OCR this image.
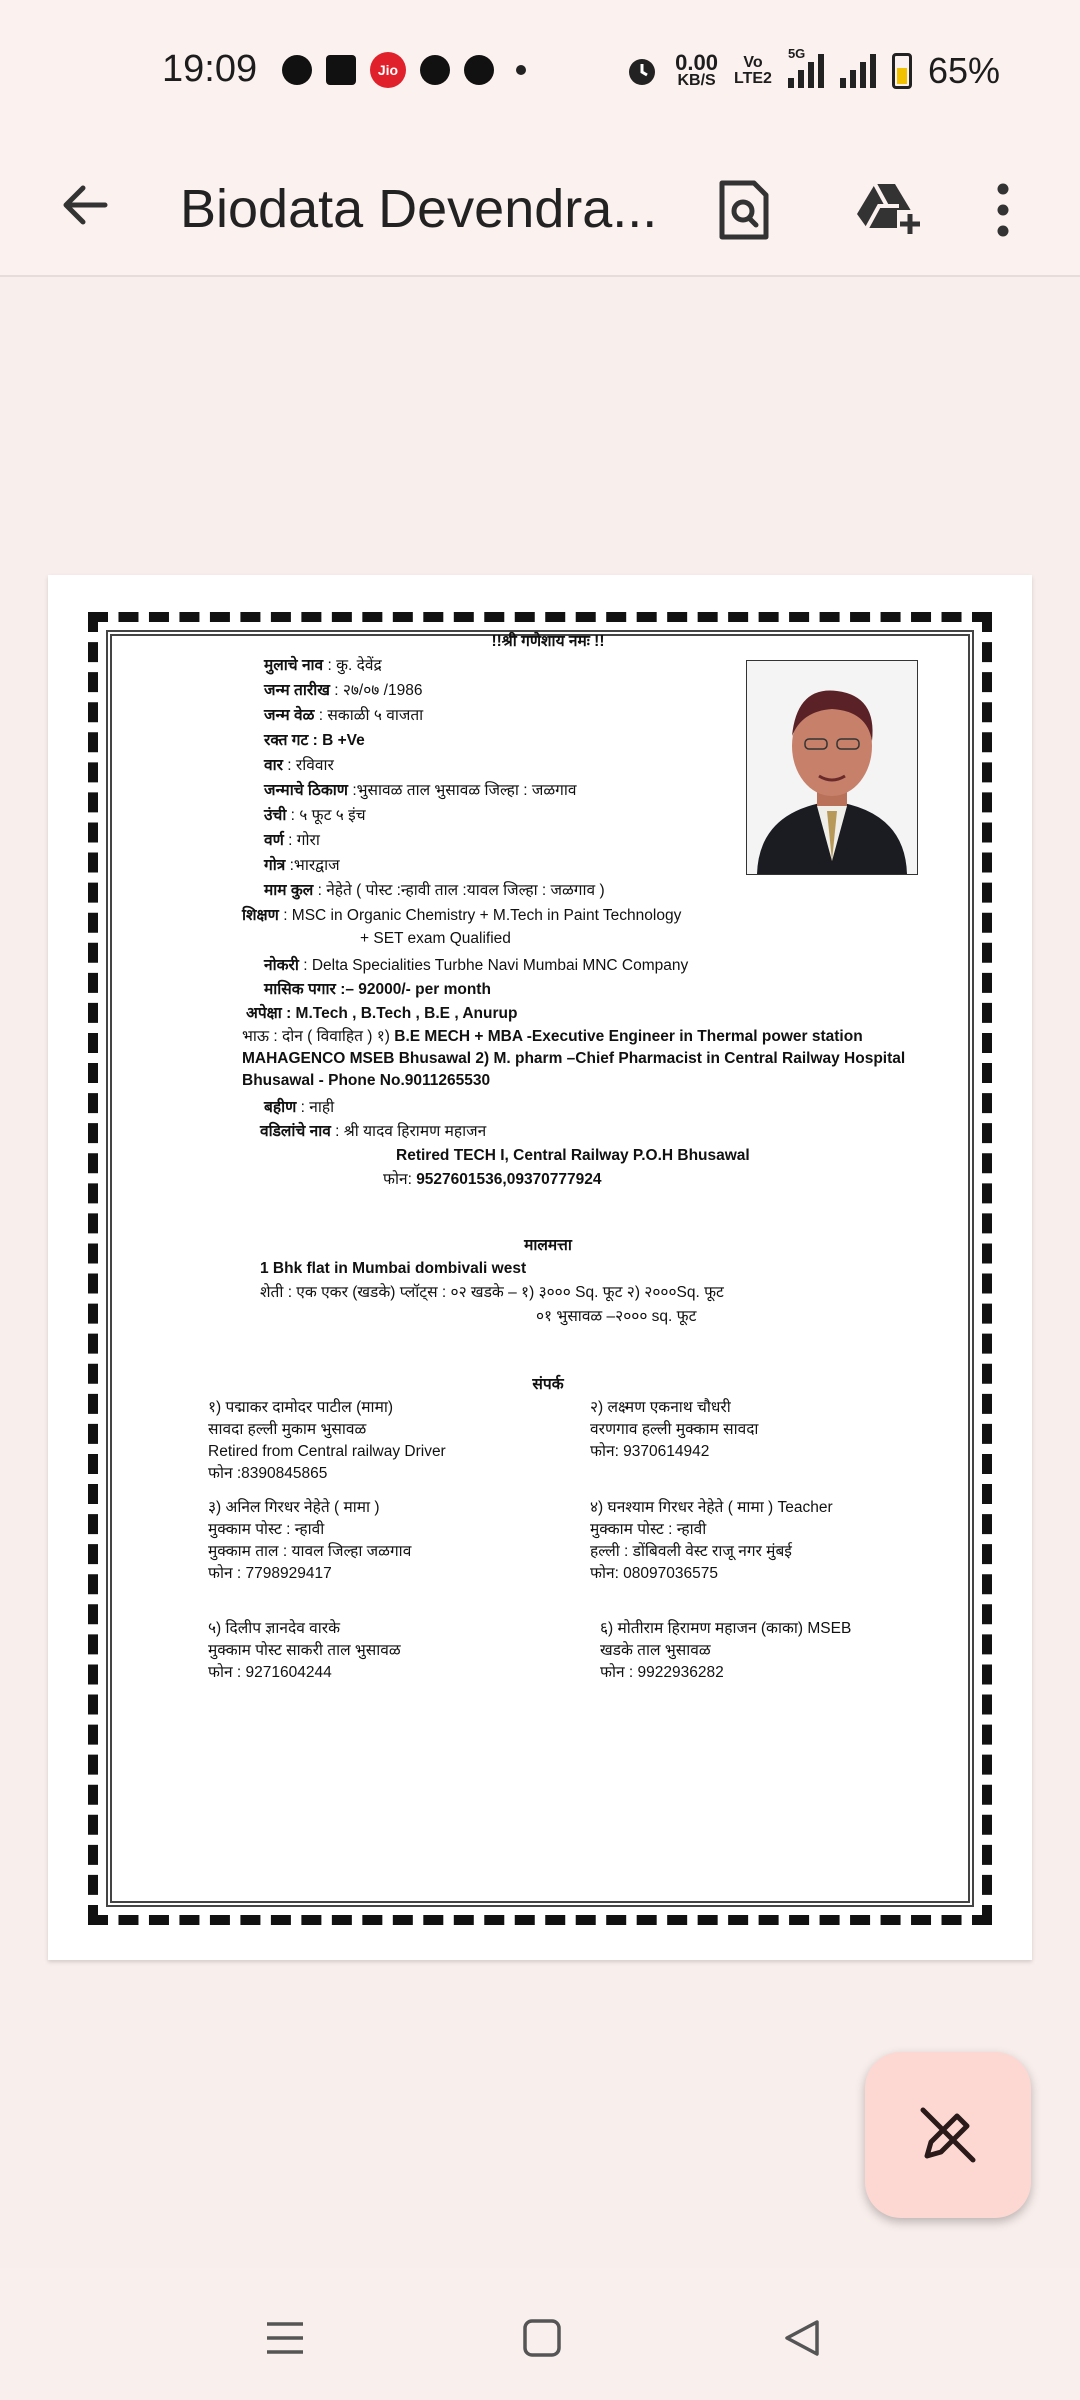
19:09	Jio	0.00
KB/S
Vo
LTE2
5G	65%
Biodata Devendra...
!!श्री गणेशाय नमः !!
मुलाचे नाव : कु. देवेंद्र
जन्म तारीख : २७/०७ /1986
जन्म वेळ : सकाळी ५ वाजता
रक्त गट : B +Ve
वार : रविवार
जन्माचे ठिकाण :भुसावळ ताल भुसावळ जिल्हा : जळगाव
उंची : ५ फूट ५ इंच
वर्ण : गोरा
गोत्र :भारद्वाज
माम कुल : नेहेते ( पोस्ट :न्हावी ताल :यावल जिल्हा : जळगाव )
शिक्षण : MSC in Organic Chemistry + M.Tech in Paint Technology
+ SET exam Qualified
नोकरी : Delta Specialities Turbhe Navi Mumbai MNC Company
मासिक पगार :– 92000/- per month
अपेक्षा : M.Tech , B.Tech , B.E , Anurup
भाऊ : दोन ( विवाहित ) १) B.E MECH + MBA -Executive Engineer in Thermal power station MAHAGENCO MSEB Bhusawal 2) M. pharm –Chief Pharmacist in Central Railway Hospital Bhusawal - Phone No.9011265530
बहीण : नाही
वडिलांचे नाव : श्री यादव हिरामण महाजन
Retired TECH I, Central Railway P.O.H Bhusawal
फोन: 9527601536,09370777924
मालमत्ता
1 Bhk flat in Mumbai dombivali west
शेती : एक एकर (खडके) प्लॉट्स : ०२ खडके – १) ३००० Sq. फूट २) २०००Sq. फूट
०१ भुसावळ –२००० sq. फूट
संपर्क
१) पद्माकर दामोदर पाटील (मामा)
सावदा हल्ली मुकाम भुसावळ
Retired from Central railway Driver
फोन :8390845865
२) लक्ष्मण एकनाथ चौधरी
वरणगाव हल्ली मुक्काम सावदा
फोन: 9370614942
३) अनिल गिरधर नेहेते ( मामा )
मुक्काम पोस्ट : न्हावी
मुक्काम ताल : यावल जिल्हा जळगाव
फोन : 7798929417
४) घनश्याम गिरधर नेहेते ( मामा ) Teacher
मुक्काम पोस्ट : न्हावी
हल्ली : डोंबिवली वेस्ट राजू नगर मुंबई
फोन: 08097036575
५) दिलीप ज्ञानदेव वारके
मुक्काम पोस्ट साकरी ताल भुसावळ
फोन : 9271604244
६) मोतीराम हिरामण महाजन (काका) MSEB
खडके ताल भुसावळ
फोन : 9922936282
